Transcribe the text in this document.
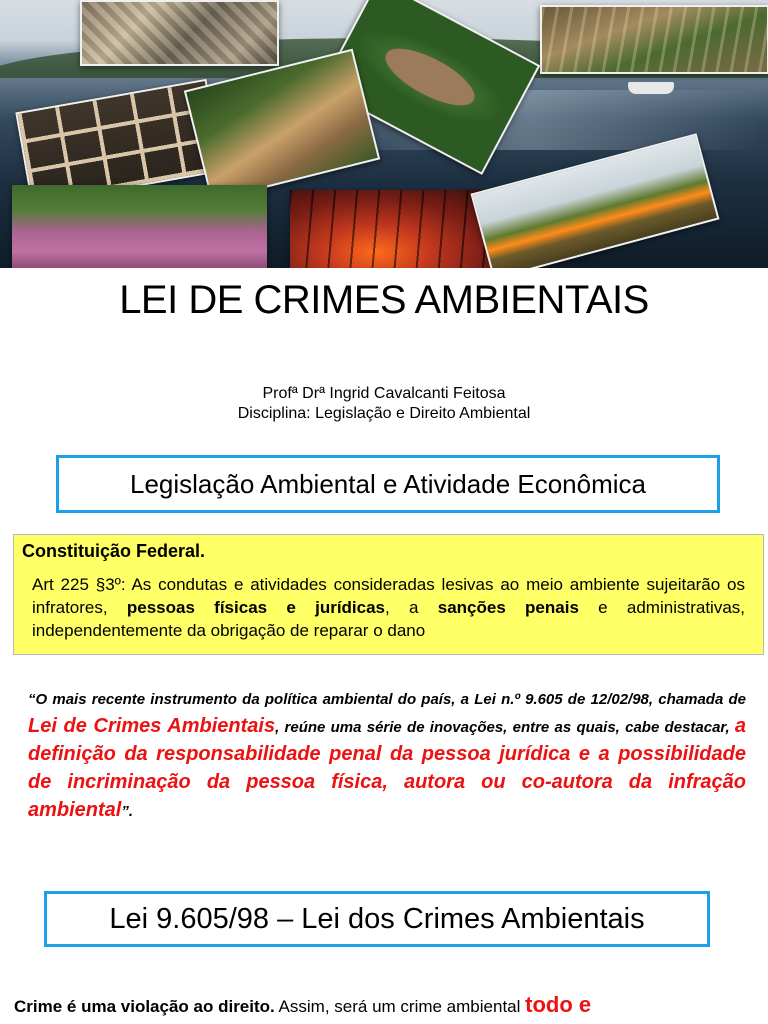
LEI DE CRIMES AMBIENTAIS
Profª Drª Ingrid Cavalcanti Feitosa
Disciplina: Legislação e Direito Ambiental
Legislação Ambiental e Atividade Econômica
Constituição Federal.
Art 225 §3º: As condutas e atividades consideradas lesivas ao meio ambiente sujeitarão os infratores, pessoas físicas e jurídicas, a sanções penais e administrativas, independentemente da obrigação de reparar o dano
“O mais recente instrumento da política ambiental do país, a Lei n.º 9.605 de 12/02/98, chamada de Lei de Crimes Ambientais, reúne uma série de inovações, entre as quais, cabe destacar, a definição da responsabilidade penal da pessoa jurídica e a possibilidade de incriminação da pessoa física, autora ou co-autora da infração ambiental”.
Lei 9.605/98 – Lei dos Crimes Ambientais
Crime é uma violação ao direito. Assim, será um crime ambiental todo e
